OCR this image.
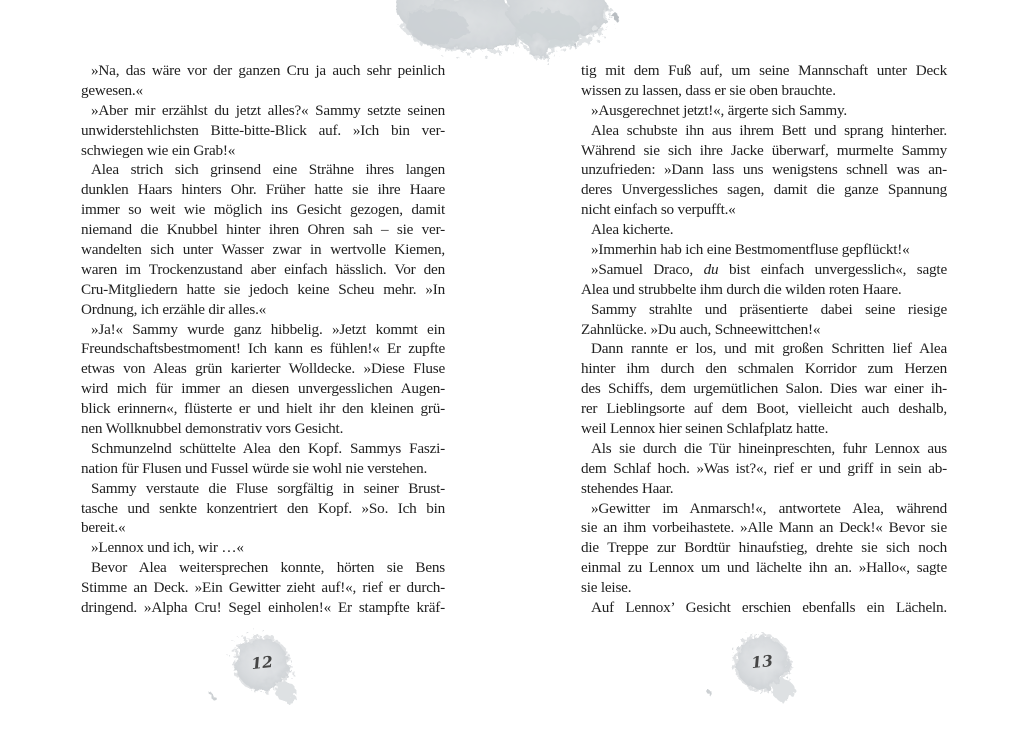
»Na, das wäre vor der ganzen Cru ja auch sehr peinlich
gewesen.«
»Aber mir erzählst du jetzt alles?« Sammy setzte seinen
unwiderstehlichsten Bitte-bitte-Blick auf. »Ich bin ver-
schwiegen wie ein Grab!«
Alea strich sich grinsend eine Strähne ihres langen
dunklen Haars hinters Ohr. Früher hatte sie ihre Haare
immer so weit wie möglich ins Gesicht gezogen, damit
niemand die Knubbel hinter ihren Ohren sah – sie ver-
wandelten sich unter Wasser zwar in wertvolle Kiemen,
waren im Trockenzustand aber einfach hässlich. Vor den
Cru-Mitgliedern hatte sie jedoch keine Scheu mehr. »In
Ordnung, ich erzähle dir alles.«
»Ja!« Sammy wurde ganz hibbelig. »Jetzt kommt ein
Freundschaftsbestmoment! Ich kann es fühlen!« Er zupfte
etwas von Aleas grün karierter Wolldecke. »Diese Fluse
wird mich für immer an diesen unvergesslichen Augen-
blick erinnern«, flüsterte er und hielt ihr den kleinen grü-
nen Wollknubbel demonstrativ vors Gesicht.
Schmunzelnd schüttelte Alea den Kopf. Sammys Faszi-
nation für Flusen und Fussel würde sie wohl nie verstehen.
Sammy verstaute die Fluse sorgfältig in seiner Brust-
tasche und senkte konzentriert den Kopf. »So. Ich bin
bereit.«
»Lennox und ich, wir …«
Bevor Alea weitersprechen konnte, hörten sie Bens
Stimme an Deck. »Ein Gewitter zieht auf!«, rief er durch-
dringend. »Alpha Cru! Segel einholen!« Er stampfte kräf-
12
tig mit dem Fuß auf, um seine Mannschaft unter Deck
wissen zu lassen, dass er sie oben brauchte.
»Ausgerechnet jetzt!«, ärgerte sich Sammy.
Alea schubste ihn aus ihrem Bett und sprang hinterher.
Während sie sich ihre Jacke überwarf, murmelte Sammy
unzufrieden: »Dann lass uns wenigstens schnell was an-
deres Unvergessliches sagen, damit die ganze Spannung
nicht einfach so verpufft.«
Alea kicherte.
»Immerhin hab ich eine Bestmomentfluse gepflückt!«
»Samuel Draco, du bist einfach unvergesslich«, sagte
Alea und strubbelte ihm durch die wilden roten Haare.
Sammy strahlte und präsentierte dabei seine riesige
Zahnlücke. »Du auch, Schneewittchen!«
Dann rannte er los, und mit großen Schritten lief Alea
hinter ihm durch den schmalen Korridor zum Herzen
des Schiffs, dem urgemütlichen Salon. Dies war einer ih-
rer Lieblingsorte auf dem Boot, vielleicht auch deshalb,
weil Lennox hier seinen Schlafplatz hatte.
Als sie durch die Tür hineinpreschten, fuhr Lennox aus
dem Schlaf hoch. »Was ist?«, rief er und griff in sein ab-
stehendes Haar.
»Gewitter im Anmarsch!«, antwortete Alea, während
sie an ihm vorbeihastete. »Alle Mann an Deck!« Bevor sie
die Treppe zur Bordtür hinaufstieg, drehte sie sich noch
einmal zu Lennox um und lächelte ihn an. »Hallo«, sagte
sie leise.
Auf Lennox’ Gesicht erschien ebenfalls ein Lächeln.
13
